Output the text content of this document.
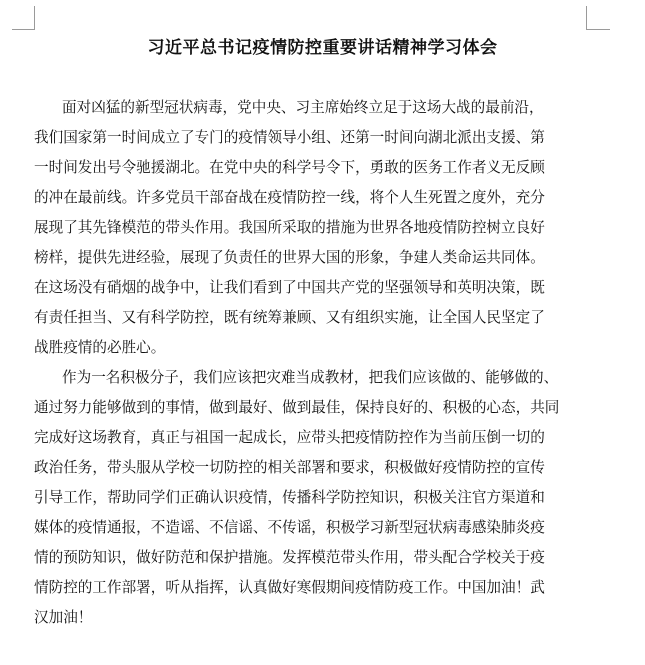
习近平总书记疫情防控重要讲话精神学习体会
面对凶猛的新型冠状病毒，党中央、习主席始终立足于这场大战的最前沿，
我们国家第一时间成立了专门的疫情领导小组、还第一时间向湖北派出支援、第
一时间发出号令驰援湖北。在党中央的科学号令下，勇敢的医务工作者义无反顾
的冲在最前线。许多党员干部奋战在疫情防控一线，将个人生死置之度外，充分
展现了其先锋模范的带头作用。我国所采取的措施为世界各地疫情防控树立良好
榜样，提供先进经验，展现了负责任的世界大国的形象，争建人类命运共同体。
在这场没有硝烟的战争中，让我们看到了中国共产党的坚强领导和英明决策，既
有责任担当、又有科学防控，既有统筹兼顾、又有组织实施，让全国人民坚定了
战胜疫情的必胜心。
作为一名积极分子，我们应该把灾难当成教材，把我们应该做的、能够做的、
通过努力能够做到的事情，做到最好、做到最佳，保持良好的、积极的心态，共同
完成好这场教育，真正与祖国一起成长，应带头把疫情防控作为当前压倒一切的
政治任务，带头服从学校一切防控的相关部署和要求，积极做好疫情防控的宣传
引导工作，帮助同学们正确认识疫情，传播科学防控知识，积极关注官方渠道和
媒体的疫情通报，不造谣、不信谣、不传谣，积极学习新型冠状病毒感染肺炎疫
情的预防知识，做好防范和保护措施。发挥模范带头作用，带头配合学校关于疫
情防控的工作部署，听从指挥，认真做好寒假期间疫情防疫工作。中国加油！武
汉加油！
